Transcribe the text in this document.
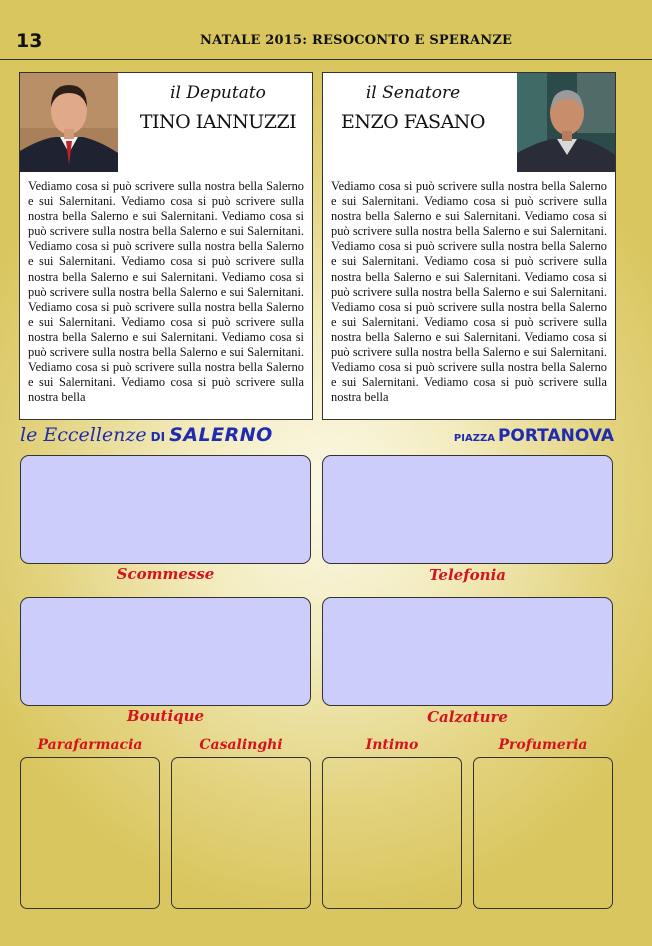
13	NATALE 2015: RESOCONTO E SPERANZE
il Deputato
TINO IANNUZZI
Vediamo cosa si può scrivere sulla nostra bella Salerno e sui Salernitani. Vediamo cosa si può scrivere sulla nostra bella Salerno e sui Salernitani. Vediamo cosa si può scrivere sulla nostra bella Salerno e sui Salernitani. Vediamo cosa si può scrivere sulla nostra bella Salerno e sui Salernitani. Vediamo cosa si può scrivere sulla nostra bella Salerno e sui Salernitani. Vediamo cosa si può scrivere sulla nostra bella Salerno e sui Salernitani. Vediamo cosa si può scrivere sulla nostra bella Salerno e sui Salernitani. Vediamo cosa si può scrivere sulla nostra bella Salerno e sui Salernitani. Vediamo cosa si può scrivere sulla nostra bella Salerno e sui Salernitani. Vediamo cosa si può scrivere sulla nostra bella Salerno e sui Salernitani. Vediamo cosa si può scrivere sulla nostra bella
il Senatore
ENZO FASANO
Vediamo cosa si può scrivere sulla nostra bella Salerno e sui Salernitani. Vediamo cosa si può scrivere sulla nostra bella Salerno e sui Salernitani. Vediamo cosa si può scrivere sulla nostra bella Salerno e sui Salernitani. Vediamo cosa si può scrivere sulla nostra bella Salerno e sui Salernitani. Vediamo cosa si può scrivere sulla nostra bella Salerno e sui Salernitani. Vediamo cosa si può scrivere sulla nostra bella Salerno e sui Salernitani. Vediamo cosa si può scrivere sulla nostra bella Salerno e sui Salernitani. Vediamo cosa si può scrivere sulla nostra bella Salerno e sui Salernitani. Vediamo cosa si può scrivere sulla nostra bella Salerno e sui Salernitani. Vediamo cosa si può scrivere sulla nostra bella Salerno e sui Salernitani. Vediamo cosa si può scrivere sulla nostra bella
le Eccellenze DI SALERNO	PIAZZA PORTANOVA
Scommesse	Telefonia
Boutique	Calzature
Parafarmacia	Casalinghi	Intimo	Profumeria
